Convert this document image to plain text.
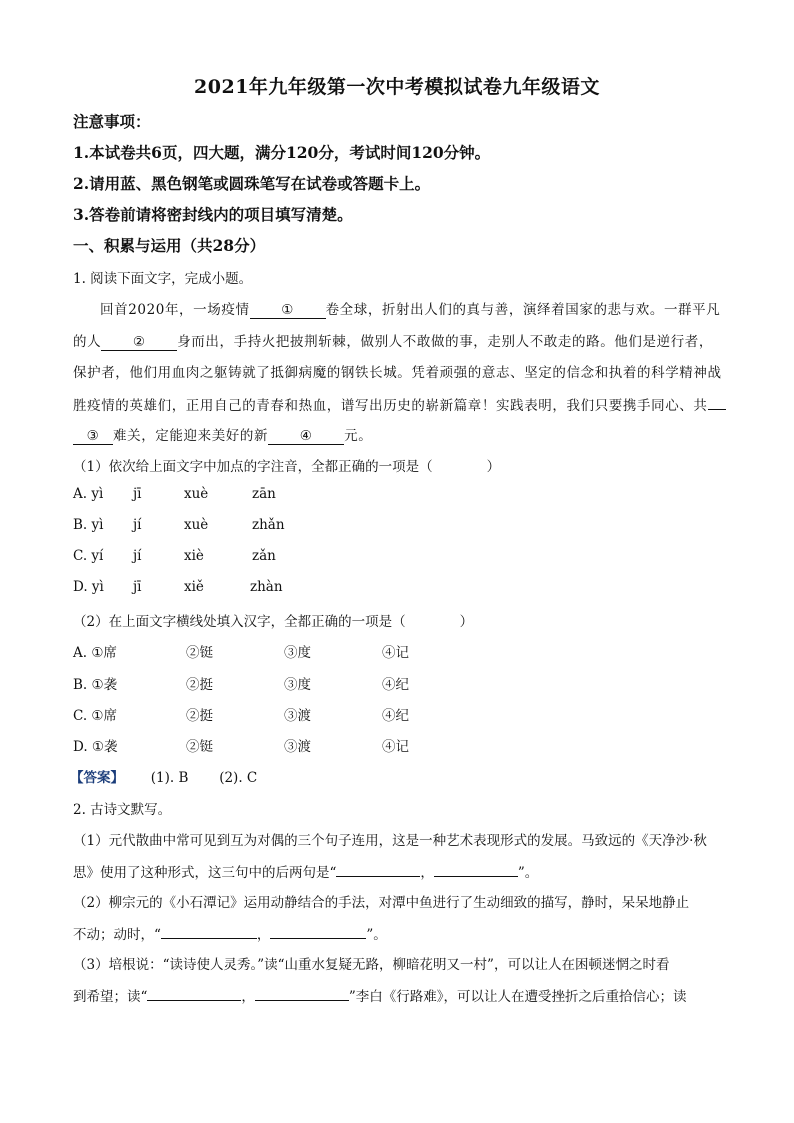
2021年九年级第一次中考模拟试卷九年级语文
注意事项：
1.本试卷共6页，四大题，满分120分，考试时间120分钟。
2.请用蓝、黑色钢笔或圆珠笔写在试卷或答题卡上。
3.答卷前请将密封线内的项目填写清楚。
一、积累与运用（共28分）
1. 阅读下面文字，完成小题。
回首2020年，一场疫情 ① 卷全球，折射出人们的真与善，演绎着国家的悲与欢。一群平凡
的人 ② 身而出，手持火把披荆斩棘，做别人不敢做的事，走别人不敢走的路。他们是逆行者，
保护者，他们用血肉之躯铸就了抵御病魔的钢铁长城。凭着顽强的意志、坚定的信念和执着的科学精神战
胜疫情的英雄们，正用自己的青春和热血，谱写出历史的崭新篇章！实践表明，我们只要携手同心、共
③ 难关，定能迎来美好的新 ④ 元。
（1）依次给上面文字中加点的字注音，全都正确的一项是（　　　　）
A. yì jī	xuè	zān
B. yì jí	xuè	zhǎn
C. yí jí	xiè	zǎn
D. yì jī	xiě	zhàn
（2）在上面文字横线处填入汉字，全都正确的一项是（　　　　）
A. ①席	②铤	③度	④记
B. ①袭	②挺	③度	④纪
C. ①席	②挺	③渡	④纪
D. ①袭	②铤	③渡	④记
【答案】 (1). B (2). C
2. 古诗文默写。
（1）元代散曲中常可见到互为对偶的三个句子连用，这是一种艺术表现形式的发展。马致远的《天净沙·秋
思》使用了这种形式，这三句中的后两句是“	，	”。
（2）柳宗元的《小石潭记》运用动静结合的手法，对潭中鱼进行了生动细致的描写，静时，呆呆地静止
不动；动时，“	，	”。
（3）培根说：“读诗使人灵秀。”读“山重水复疑无路，柳暗花明又一村”，可以让人在困顿迷惘之时看
到希望；读“	，	”李白《行路难》，可以让人在遭受挫折之后重拾信心；读
